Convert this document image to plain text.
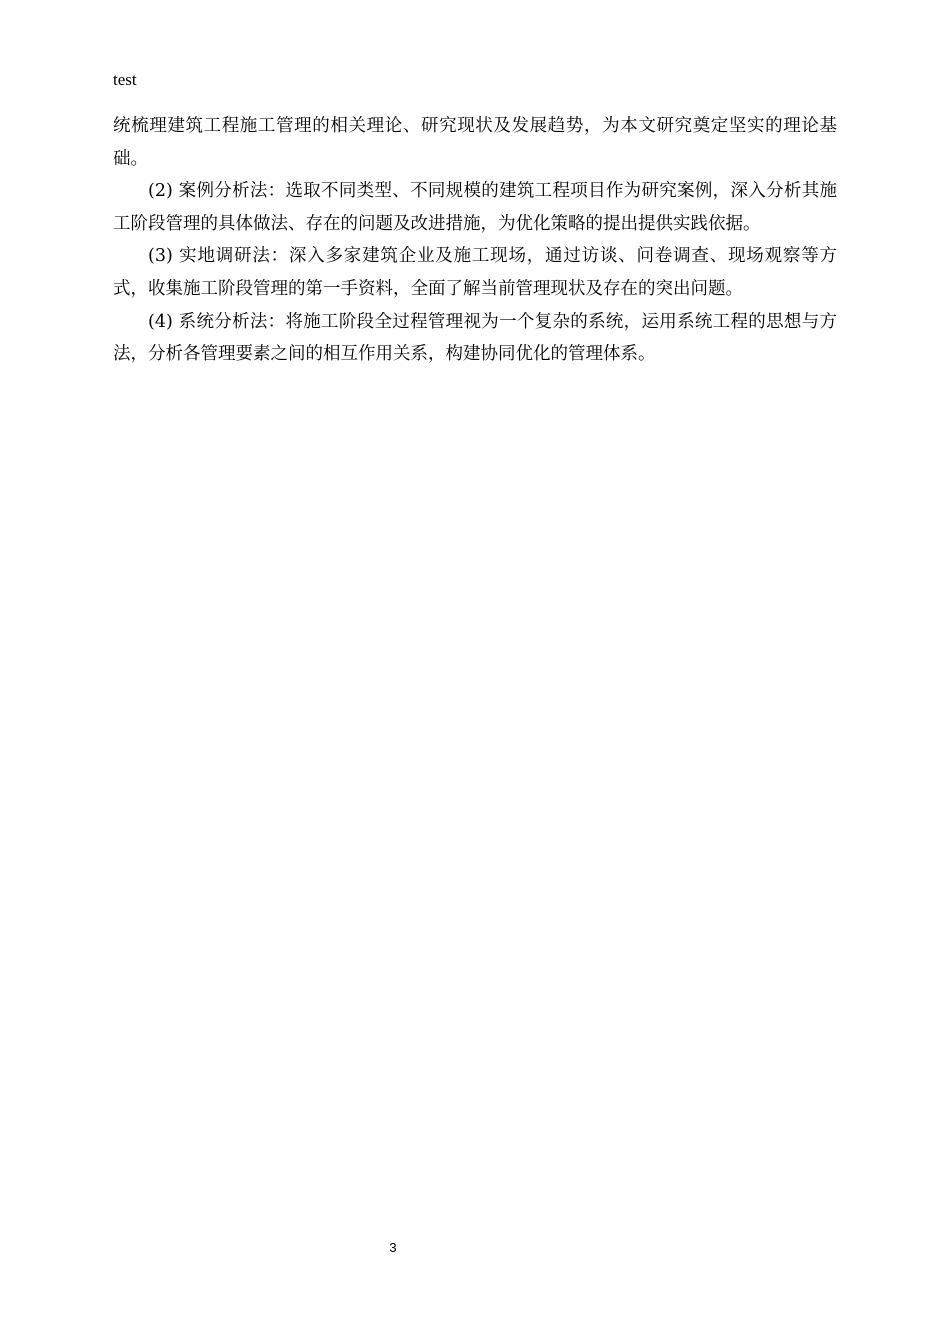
test

统梳理建筑工程施工管理的相关理论、研究现状及发展趋势，为本文研究奠定坚实的理论基础。

(2) 案例分析法：选取不同类型、不同规模的建筑工程项目作为研究案例，深入分析其施工阶段管理的具体做法、存在的问题及改进措施，为优化策略的提出提供实践依据。

(3) 实地调研法：深入多家建筑企业及施工现场，通过访谈、问卷调查、现场观察等方式，收集施工阶段管理的第一手资料，全面了解当前管理现状及存在的突出问题。

(4) 系统分析法：将施工阶段全过程管理视为一个复杂的系统，运用系统工程的思想与方法，分析各管理要素之间的相互作用关系，构建协同优化的管理体系。

3
